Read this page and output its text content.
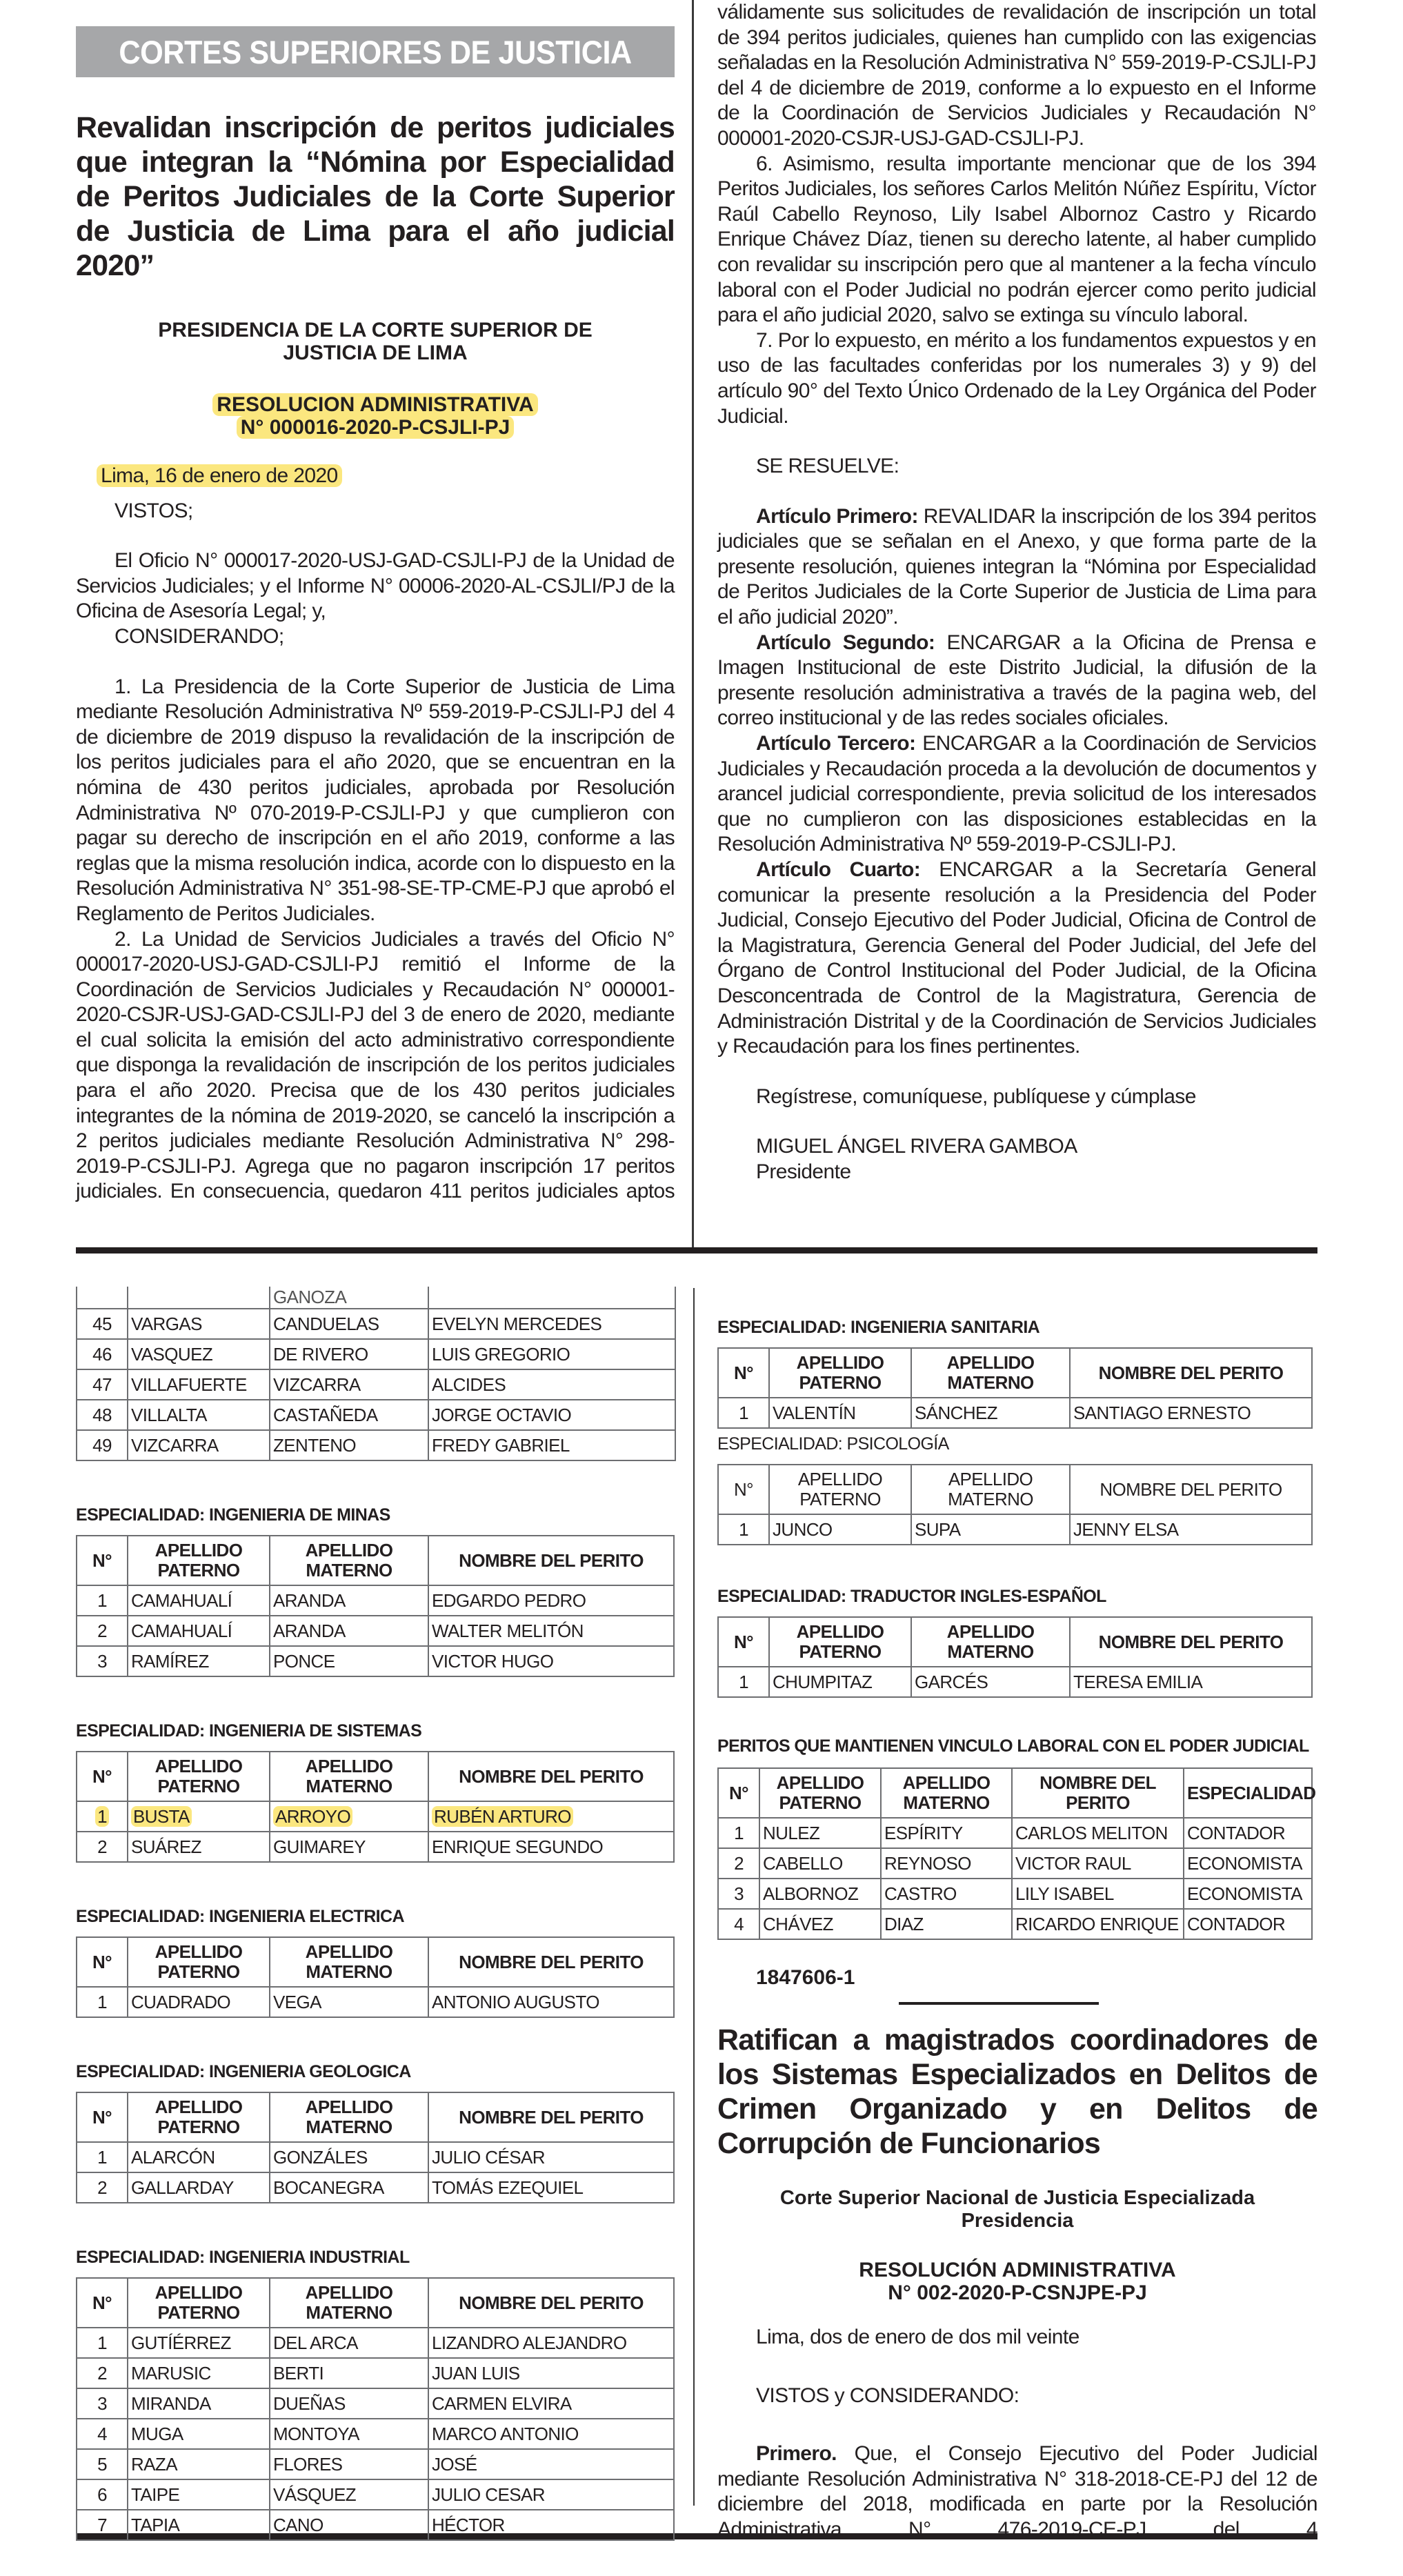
CORTES SUPERIORES DE JUSTICIA
Revalidan inscripción de peritos judiciales que integran la “Nómina por Especialidad de Peritos Judiciales de la Corte Superior de Justicia de Lima para el año judicial 2020”
PRESIDENCIA DE LA CORTE SUPERIOR DE
JUSTICIA DE LIMA
RESOLUCION ADMINISTRATIVA
N° 000016-2020-P-CSJLI-PJ

Lima, 16 de enero de 2020

VISTOS;

El Oficio N° 000017-2020-USJ-GAD-CSJLI-PJ de la Unidad de Servicios Judiciales; y el Informe N° 00006-2020-AL-CSJLI/PJ de la Oficina de Asesoría Legal; y,

CONSIDERANDO;

1. La Presidencia de la Corte Superior de Justicia de Lima mediante Resolución Administrativa Nº 559-2019-P-CSJLI-PJ del 4 de diciembre de 2019 dispuso la revalidación de la inscripción de los peritos judiciales para el año 2020, que se encuentran en la nómina de 430 peritos judiciales, aprobada por Resolución Administrativa Nº 070-2019-P-CSJLI-PJ y que cumplieron con pagar su derecho de inscripción en el año 2019, conforme a las reglas que la misma resolución indica, acorde con lo dispuesto en la Resolución Administrativa N° 351-98-SE-TP-CME-PJ que aprobó el Reglamento de Peritos Judiciales.

2. La Unidad de Servicios Judiciales a través del Oficio N° 000017-2020-USJ-GAD-CSJLI-PJ remitió el Informe de la Coordinación de Servicios Judiciales y Recaudación N° 000001-2020-CSJR-USJ-GAD-CSJLI-PJ del 3 de enero de 2020, mediante el cual solicita la emisión del acto administrativo correspondiente que disponga la revalidación de inscripción de los peritos judiciales para el año 2020. Precisa que de los 430 peritos judiciales integrantes de la nómina de 2019-2020, se canceló la inscripción a 2 peritos judiciales mediante Resolución Administrativa N° 298-2019-P-CSJLI-PJ. Agrega que no pagaron inscripción 17 peritos judiciales. En consecuencia, quedaron 411 peritos judiciales aptos

válidamente sus solicitudes de revalidación de inscripción un total de 394 peritos judiciales, quienes han cumplido con las exigencias señaladas en la Resolución Administrativa N° 559-2019-P-CSJLI-PJ del 4 de diciembre de 2019, conforme a lo expuesto en el Informe de la Coordinación de Servicios Judiciales y Recaudación N° 000001-2020-CSJR-USJ-GAD-CSJLI-PJ.

6. Asimismo, resulta importante mencionar que de los 394 Peritos Judiciales, los señores Carlos Melitón Núñez Espíritu, Víctor Raúl Cabello Reynoso, Lily Isabel Albornoz Castro y Ricardo Enrique Chávez Díaz, tienen su derecho latente, al haber cumplido con revalidar su inscripción pero que al mantener a la fecha vínculo laboral con el Poder Judicial no podrán ejercer como perito judicial para el año judicial 2020, salvo se extinga su vínculo laboral.

7. Por lo expuesto, en mérito a los fundamentos expuestos y en uso de las facultades conferidas por los numerales 3) y 9) del artículo 90° del Texto Único Ordenado de la Ley Orgánica del Poder Judicial.

SE RESUELVE:

Artículo Primero: REVALIDAR la inscripción de los 394 peritos judiciales que se señalan en el Anexo, y que forma parte de la presente resolución, quienes integran la “Nómina por Especialidad de Peritos Judiciales de la Corte Superior de Justicia de Lima para el año judicial 2020”.

Artículo Segundo: ENCARGAR a la Oficina de Prensa e Imagen Institucional de este Distrito Judicial, la difusión de la presente resolución administrativa a través de la pagina web, del correo institucional y de las redes sociales oficiales.

Artículo Tercero: ENCARGAR a la Coordinación de Servicios Judiciales y Recaudación proceda a la devolución de documentos y arancel judicial correspondiente, previa solicitud de los interesados que no cumplieron con las disposiciones establecidas en la Resolución Administrativa Nº 559-2019-P-CSJLI-PJ.

Artículo Cuarto: ENCARGAR a la Secretaría General comunicar la presente resolución a la Presidencia del Poder Judicial, Consejo Ejecutivo del Poder Judicial, Oficina de Control de la Magistratura, Gerencia General del Poder Judicial, del Jefe del Órgano de Control Institucional del Poder Judicial, de la Oficina Desconcentrada de Control de la Magistratura, Gerencia de Administración Distrital y de la Coordinación de Servicios Judiciales y Recaudación para los fines pertinentes.

Regístrese, comuníquese, publíquese y cúmplase

MIGUEL ÁNGEL RIVERA GAMBOA

Presidente

		GANOZA	
45	VARGAS	CANDUELAS	EVELYN MERCEDES
46	VASQUEZ	DE RIVERO	LUIS GREGORIO
47	VILLAFUERTE	VIZCARRA	ALCIDES
48	VILLALTA	CASTAÑEDA	JORGE OCTAVIO
49	VIZCARRA	ZENTENO	FREDY GABRIEL
ESPECIALIDAD: INGENIERIA DE MINAS
N°	APELLIDO PATERNO	APELLIDO MATERNO	NOMBRE DEL PERITO
1	CAMAHUALÍ	ARANDA	EDGARDO PEDRO
2	CAMAHUALÍ	ARANDA	WALTER MELITÓN
3	RAMÍREZ	PONCE	VICTOR HUGO
ESPECIALIDAD: INGENIERIA DE SISTEMAS
N°	APELLIDO PATERNO	APELLIDO MATERNO	NOMBRE DEL PERITO
1	BUSTA	ARROYO	RUBÉN ARTURO
2	SUÁREZ	GUIMAREY	ENRIQUE SEGUNDO
ESPECIALIDAD: INGENIERIA ELECTRICA
N°	APELLIDO PATERNO	APELLIDO MATERNO	NOMBRE DEL PERITO
1	CUADRADO	VEGA	ANTONIO AUGUSTO
ESPECIALIDAD: INGENIERIA GEOLOGICA
N°	APELLIDO PATERNO	APELLIDO MATERNO	NOMBRE DEL PERITO
1	ALARCÓN	GONZÁLES	JULIO CÉSAR
2	GALLARDAY	BOCANEGRA	TOMÁS EZEQUIEL
ESPECIALIDAD: INGENIERIA INDUSTRIAL
N°	APELLIDO PATERNO	APELLIDO MATERNO	NOMBRE DEL PERITO
1	GUTÍÉRREZ	DEL ARCA	LIZANDRO ALEJANDRO
2	MARUSIC	BERTI	JUAN LUIS
3	MIRANDA	DUEÑAS	CARMEN ELVIRA
4	MUGA	MONTOYA	MARCO ANTONIO
5	RAZA	FLORES	JOSÉ
6	TAIPE	VÁSQUEZ	JULIO CESAR
7	TAPIA	CANO	HÉCTOR
ESPECIALIDAD: INGENIERIA SANITARIA
N°	APELLIDO PATERNO	APELLIDO MATERNO	NOMBRE DEL PERITO
1	VALENTÍN	SÁNCHEZ	SANTIAGO ERNESTO
ESPECIALIDAD: PSICOLOGÍA
N°	APELLIDO PATERNO	APELLIDO MATERNO	NOMBRE DEL PERITO
1	JUNCO	SUPA	JENNY ELSA
ESPECIALIDAD: TRADUCTOR INGLES-ESPAÑOL
N°	APELLIDO PATERNO	APELLIDO MATERNO	NOMBRE DEL PERITO
1	CHUMPITAZ	GARCÉS	TERESA EMILIA
PERITOS QUE MANTIENEN VINCULO LABORAL CON EL PODER JUDICIAL
N°	APELLIDO PATERNO	APELLIDO MATERNO	NOMBRE DEL PERITO	ESPECIALIDAD
1	NULEZ	ESPÍRITY	CARLOS MELITON	CONTADOR
2	CABELLO	REYNOSO	VICTOR RAUL	ECONOMISTA
3	ALBORNOZ	CASTRO	LILY ISABEL	ECONOMISTA
4	CHÁVEZ	DIAZ	RICARDO ENRIQUE	CONTADOR
1847606-1
Ratifican a magistrados coordinadores de los Sistemas Especializados en Delitos de Crimen Organizado y en Delitos de Corrupción de Funcionarios
Corte Superior Nacional de Justicia Especializada
Presidencia
RESOLUCIÓN ADMINISTRATIVA
N° 002-2020-P-CSNJPE-PJ

Lima, dos de enero de dos mil veinte

VISTOS y CONSIDERANDO:

Primero. Que, el Consejo Ejecutivo del Poder Judicial mediante Resolución Administrativa N° 318-2018-CE-PJ del 12 de diciembre del 2018, modificada en parte por la Resolución Administrativa N° 476-2019-CE-PJ del 4
